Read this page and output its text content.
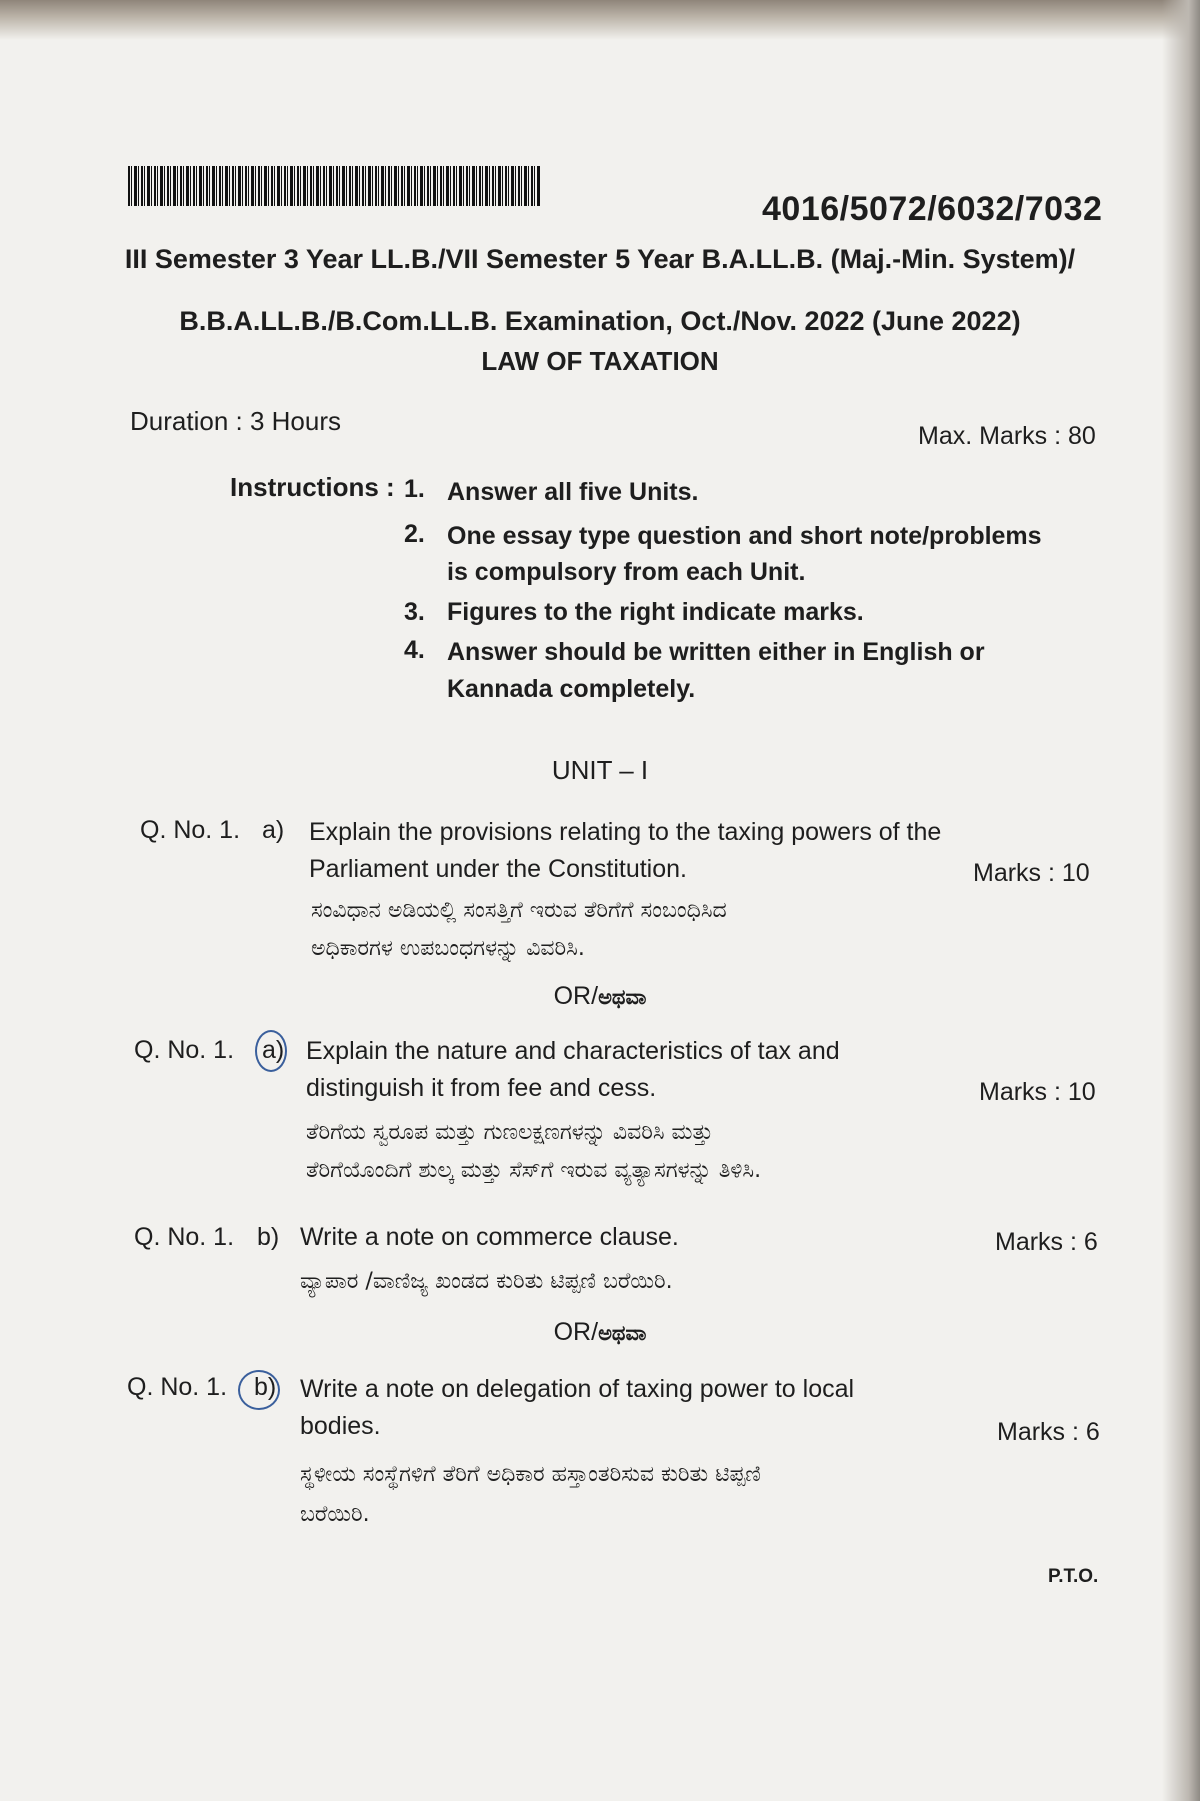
4016/5072/6032/7032
III Semester 3 Year LL.B./VII Semester 5 Year B.A.LL.B. (Maj.-Min. System)/
B.B.A.LL.B./B.Com.LL.B. Examination, Oct./Nov. 2022 (June 2022)
LAW OF TAXATION
Duration : 3 Hours	Max. Marks : 80
Instructions : 1. Answer all five Units.
2. One essay type question and short note/problems
is compulsory from each Unit.
3. Figures to the right indicate marks.
4. Answer should be written either in English or
Kannada completely.
UNIT – I
Q. No. 1. a) Explain the provisions relating to the taxing powers of the
Parliament under the Constitution.	Marks : 10
ಸಂವಿಧಾನ ಅಡಿಯಲ್ಲಿ ಸಂಸತ್ತಿಗೆ ಇರುವ ತೆರಿಗೆಗೆ ಸಂಬಂಧಿಸಿದ
ಅಧಿಕಾರಗಳ ಉಪಬಂಧಗಳನ್ನು ವಿವರಿಸಿ.
OR/ಅಥವಾ
Q. No. 1. a) Explain the nature and characteristics of tax and
distinguish it from fee and cess.	Marks : 10
ತೆರಿಗೆಯ ಸ್ವರೂಪ ಮತ್ತು ಗುಣಲಕ್ಷಣಗಳನ್ನು ವಿವರಿಸಿ ಮತ್ತು
ತೆರಿಗೆಯೊಂದಿಗೆ ಶುಲ್ಕ ಮತ್ತು ಸೆಸ್‌ಗೆ ಇರುವ ವ್ಯತ್ಯಾಸಗಳನ್ನು ತಿಳಿಸಿ.
Q. No. 1. b) Write a note on commerce clause.	Marks : 6
ವ್ಯಾಪಾರ /ವಾಣಿಜ್ಯ ಖಂಡದ ಕುರಿತು ಟಿಪ್ಪಣಿ ಬರೆಯಿರಿ.
OR/ಅಥವಾ
Q. No. 1. b) Write a note on delegation of taxing power to local
bodies.	Marks : 6
ಸ್ಥಳೀಯ ಸಂಸ್ಥೆಗಳಿಗೆ ತೆರಿಗೆ ಅಧಿಕಾರ ಹಸ್ತಾಂತರಿಸುವ ಕುರಿತು ಟಿಪ್ಪಣಿ
ಬರೆಯಿರಿ.
P.T.O.
